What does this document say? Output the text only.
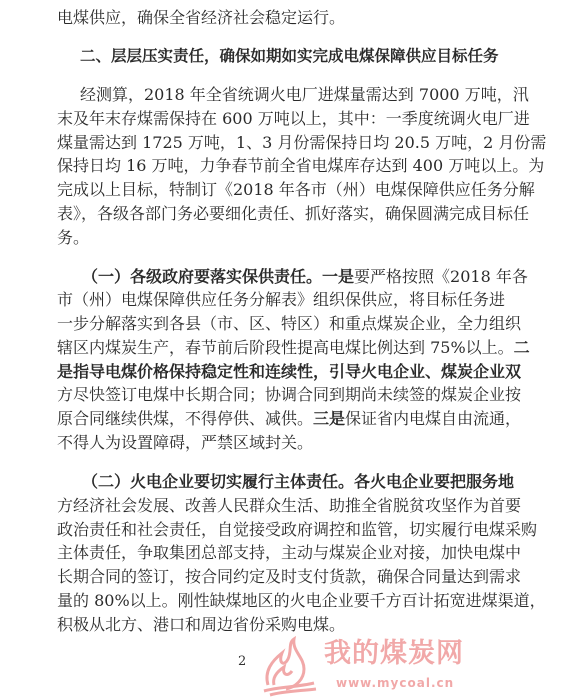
电煤供应，确保全省经济社会稳定运行。
二、层层压实责任，确保如期如实完成电煤保障供应目标任务
经测算，2018 年全省统调火电厂进煤量需达到 7000 万吨，汛
末及年末存煤需保持在 600 万吨以上，其中：一季度统调火电厂进
煤量需达到 1725 万吨，1、3 月份需保持日均 20.5 万吨，2 月份需
保持日均 16 万吨，力争春节前全省电煤库存达到 400 万吨以上。为
完成以上目标，特制订《2018 年各市（州）电煤保障供应任务分解
表》，各级各部门务必要细化责任、抓好落实，确保圆满完成目标任
务。
（一）各级政府要落实保供责任。一是要严格按照《2018 年各
市（州）电煤保障供应任务分解表》组织保供应，将目标任务进
一步分解落实到各县（市、区、特区）和重点煤炭企业，全力组织
辖区内煤炭生产，春节前后阶段性提高电煤比例达到 75%以上。二
是指导电煤价格保持稳定性和连续性，引导火电企业、煤炭企业双
方尽快签订电煤中长期合同；协调合同到期尚未续签的煤炭企业按
原合同继续供煤，不得停供、减供。三是保证省内电煤自由流通，
不得人为设置障碍，严禁区域封关。
（二）火电企业要切实履行主体责任。各火电企业要把服务地
方经济社会发展、改善人民群众生活、助推全省脱贫攻坚作为首要
政治责任和社会责任，自觉接受政府调控和监管，切实履行电煤采购
主体责任，争取集团总部支持，主动与煤炭企业对接，加快电煤中
长期合同的签订，按合同约定及时支付货款，确保合同量达到需求
量的 80%以上。刚性缺煤地区的火电企业要千方百计拓宽进煤渠道，
积极从北方、港口和周边省份采购电煤。
2	我的煤炭网
www.mycoal.cn
